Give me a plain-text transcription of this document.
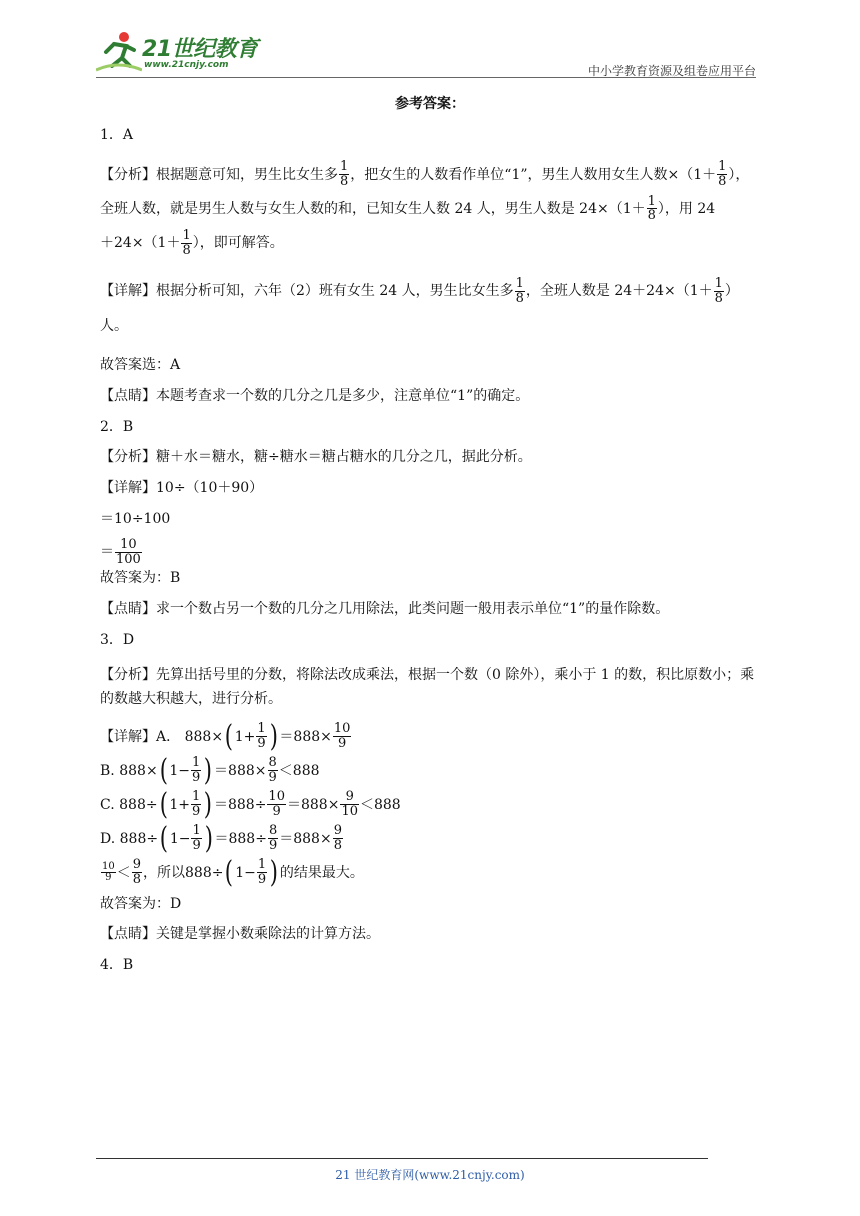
21世纪教育
www.21cnjy.com	中小学教育资源及组卷应用平台
参考答案：
1．A
【分析】根据题意可知，男生比女生多 $\frac{1}{8}$ ，把女生的人数看作单位“1”，男生人数用女生人数$\times(1+ \frac{1}{8}$ ），
全班人数，就是男生人数与女生人数的和，已知女生人数 24 人，男生人数是 $24\times(1+ \frac{1}{8}$ ），用 24
$+24\times(1+ \frac{1}{8}$ ），即可解答。
【详解】根据分析可知，六年（2）班有女生 24 人，男生比女生多 $\frac{1}{8}$ ，全班人数是 $24+24\times(1+ \frac{1}{8}$ ）
人。
故答案选：A
【点睛】本题考查求一个数的几分之几是多少，注意单位“1”的确定。
2．B
【分析】糖＋水＝糖水，糖÷糖水＝糖占糖水的几分之几，据此分析。
【详解】10÷（10＋90）
＝10÷100
＝ $\frac{10}{100}$
故答案为：B
【点睛】求一个数占另一个数的几分之几用除法，此类问题一般用表示单位“1”的量作除数。
3．D
【分析】先算出括号里的分数，将除法改成乘法，根据一个数（0 除外），乘小于 1 的数，积比原数小；乘的数越大积越大，进行分析。
【详解】A． 888×( $1+ \frac{1}{9}$ ) $=888\times \frac{10}{9}$
B. 888×( $1- \frac{1}{9}$ ) $=888\times \frac{8}{9} <888$
C. 888÷( $1+ \frac{1}{9}$ ) $=888\div \frac{10}{9} =888\times \frac{9}{10} <888$
D. 888÷( $1- \frac{1}{9}$ ) $=888\div \frac{8}{9} =888\times \frac{9}{8}$
$\frac{10}{9} < \frac{9}{8}$ ，所以888÷( $1- \frac{1}{9}$ ) 的结果最大。
故答案为：D
【点睛】关键是掌握小数乘除法的计算方法。
4．B
21 世纪教育网(www.21cnjy.com)
